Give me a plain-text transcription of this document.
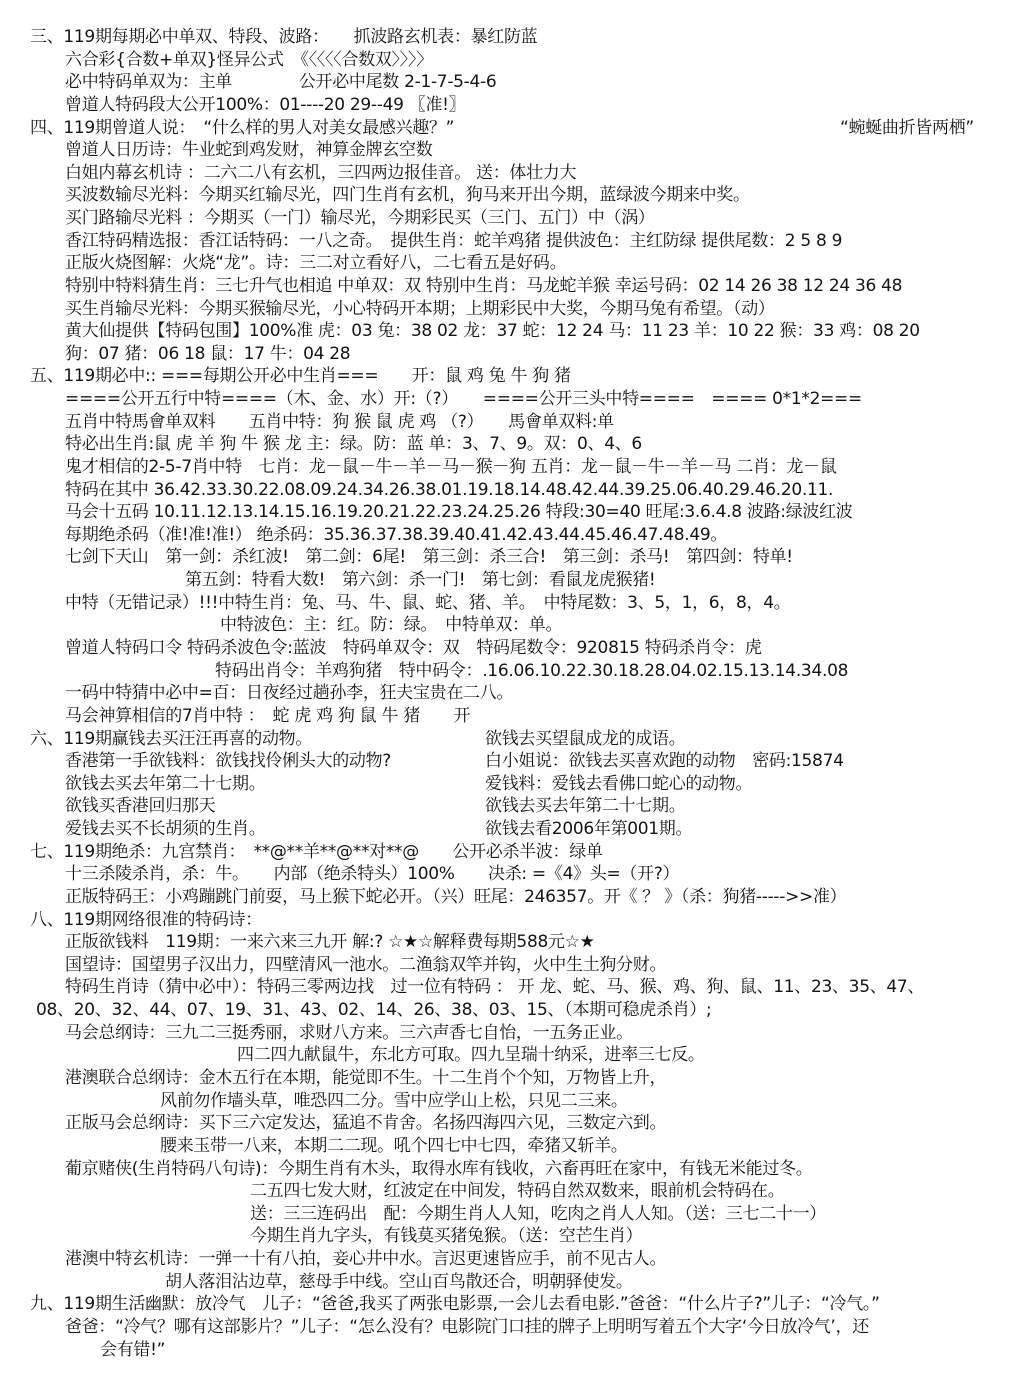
三、119期每期必中单双、特段、波路：　　抓波路玄机表：暴红防蓝
六合彩{合数+单双}怪异公式　《〈〈〈〈合数双〉〉〉〉
必中特码单双为：主单　　　　公开必中尾数 2-1-7-5-4-6
曾道人特码段大公开100%：01----20 29--49 〖准!〗
四、119期曾道人说：　“什么样的男人对美女最感兴趣？”	“蜿蜒曲折皆两栖”
曾道人日历诗：牛业蛇到鸡发财，神算金牌玄空数
白姐内幕玄机诗 ：二六二八有玄机，三四两边报佳音。 送：体壮力大
买波数输尽光料：今期买红输尽光，四门生肖有玄机，狗马来开出今期，蓝绿波今期来中奖。
买门路输尽光料 ：今期买（一门）输尽光，今期彩民买（三门、五门）中（涡）
香江特码精选报：香江话特码：一八之奇。　提供生肖：蛇羊鸡猪 提供波色：主红防绿 提供尾数：2 5 8 9
正版火烧图解：火烧“龙”。诗：三二对立看好八，二七看五是好码。
特别中特料猜生肖：三七升气也相追 中单双：双 特别中生肖：马龙蛇羊猴 幸运号码：02 14 26 38 12 24 36 48
买生肖输尽光料：今期买猴输尽光，小心特码开本期；上期彩民中大奖，今期马兔有希望。（动）
黄大仙提供【特码包围】100%准 虎：03 兔：38 02 龙：37 蛇：12 24 马：11 23 羊：10 22 猴：33 鸡：08 20
狗：07 猪：06 18 鼠：17 牛：04 28
五、119期必中:: ===每期公开必中生肖===　　开：鼠 鸡 兔 牛 狗 猪
====公开五行中特====（木、金、水）开:（?）　　====公开三头中特====　==== 0*1*2===
五肖中特馬會单双料　　五肖中特：狗 猴 鼠 虎 鸡 （?）　　馬會单双料:单
特必出生肖:鼠 虎 羊 狗 牛 猴 龙 主：绿。防：蓝 单：3、7、9。双：0、4、6
鬼才相信的2-5-7肖中特　七肖：龙－鼠－牛－羊－马－猴－狗 五肖：龙－鼠－牛－羊－马 二肖：龙－鼠
特码在其中 36.42.33.30.22.08.09.24.34.26.38.01.19.18.14.48.42.44.39.25.06.40.29.46.20.11.
马会十五码 10.11.12.13.14.15.16.19.20.21.22.23.24.25.26 特段:30=40 旺尾:3.6.4.8 波路:绿波红波
每期绝杀码（准!准!准!） 绝杀码：35.36.37.38.39.40.41.42.43.44.45.46.47.48.49。
七剑下天山　第一剑：杀红波!　第二剑：6尾!　第三剑：杀三合!　第三剑：杀马!　第四剑：特单!
第五剑：特看大数!　第六剑：杀一门!　第七剑：看鼠龙虎猴猪!
中特（无错记录）!!!中特生肖：兔、马、牛、鼠、蛇、猪、羊。　中特尾数：3、5，1，6，8，4。
中特波色：主：红。防：绿。　中特单双：单。
曾道人特码口令 特码杀波色令:蓝波　特码单双令：双　特码尾数令：920815 特码杀肖令：虎
特码出肖令：羊鸡狗猪　特中码令：.16.06.10.22.30.18.28.04.02.15.13.14.34.08
一码中特猜中必中=百：日夜经过趟孙李，狂夫宝贵在二八。
马会神算相信的7肖中特 ：　蛇 虎 鸡 狗 鼠 牛 猪　　开
六、119期赢钱去买汪汪再喜的动物。	欲钱去买望鼠成龙的成语。
香港第一手欲钱料：欲钱找伶俐头大的动物?	白小姐说：欲钱去买喜欢跑的动物　密码:15874
欲钱去买去年第二十七期。	爱钱料：爱钱去看佛口蛇心的动物。
欲钱买香港回归那天	欲钱去买去年第二十七期。
爱钱去买不长胡须的生肖。	欲钱去看2006年第001期。
七、119期绝杀：九宫禁肖：　**@**羊**@**对**@　　公开必杀半波：绿单
十三杀陵杀肖，杀：牛。　　内部（绝杀特头）100%　　决杀: =《4》头=（开?）
正版特码王：小鸡蹦跳门前耍，马上猴下蛇必开。（兴）旺尾：246357。开《 ？ 》（杀：狗猪----->>准）
八、119期网络很准的特码诗：
正版欲钱料　119期：一来六来三九开 解:? ☆★☆解释费每期588元☆★
国望诗：国望男子汉出力，四壁清风一池水。二渔翁双竿并钩，火中生土狗分财。
特码生肖诗（猜中必中）：特码三零两边找　过一位有特码 ： 开 龙、蛇、马、猴、鸡、狗、鼠、11、23、35、47、
08、20、32、44、07、19、31、43、02、14、26、38、03、15、（本期可稳虎杀肖）;
马会总纲诗：三九二三挺秀丽，求财八方来。三六声香七自怡，一五务正业。
四二四九献鼠牛，东北方可取。四九呈瑞十纳采，进率三七反。
港澳联合总纲诗：金木五行在本期，能觉即不生。十二生肖个个知，万物皆上升，
风前勿作墙头草，唯恐四二分。雪中应学山上松，只见二三来。
正版马会总纲诗：买下三六定发达，猛追不肯舍。名扬四海四六见，三数定六到。
腰来玉带一八来，本期二二现。吼个四七中七四，牵猪又斩羊。
葡京赌侠(生肖特码八句诗)：今期生肖有木头，取得水库有钱收，六畜再旺在家中，有钱无米能过冬。
二五四七发大财，红波定在中间发，特码自然双数来，眼前机会特码在。
送：三三连码出　配：今期生肖人人知，吃肉之肖人人知。（送：三七二十一）
今期生肖九字头，有钱莫买猪兔猴。（送：空芒生肖）
港澳中特玄机诗：一弹一十有八拍，妾心井中水。言迟更速皆应手，前不见古人。
胡人落泪沾边草，慈母手中线。空山百鸟散还合，明朝驿使发。
九、119期生活幽默：放冷气　儿子：“爸爸,我买了两张电影票,一会儿去看电影.”爸爸：“什么片子?”儿子：“冷气。”
爸爸：“冷气？哪有这部影片？”儿子：“怎么没有？电影院门口挂的牌子上明明写着五个大字‘今日放冷气’，还
会有错!”
